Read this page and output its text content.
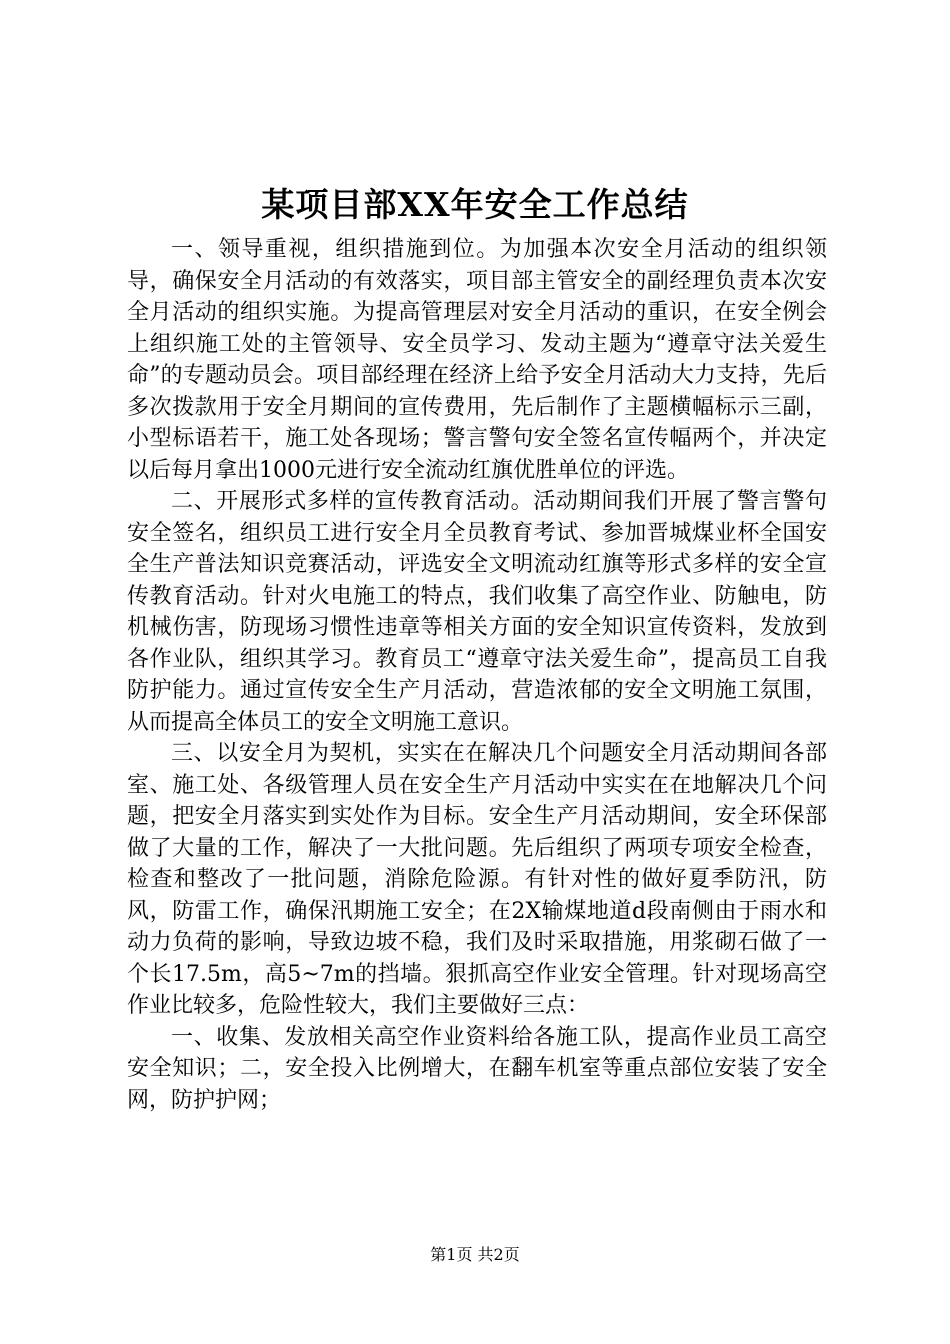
某项目部XX年安全工作总结

一、领导重视，组织措施到位。为加强本次安全月活动的组织领导，确保安全月活动的有效落实，项目部主管安全的副经理负责本次安全月活动的组织实施。为提高管理层对安全月活动的重识，在安全例会上组织施工处的主管领导、安全员学习、发动主题为“遵章守法关爱生命”的专题动员会。项目部经理在经济上给予安全月活动大力支持，先后多次拨款用于安全月期间的宣传费用，先后制作了主题横幅标示三副，小型标语若干，施工处各现场；警言警句安全签名宣传幅两个，并决定以后每月拿出1000元进行安全流动红旗优胜单位的评选。

二、开展形式多样的宣传教育活动。活动期间我们开展了警言警句安全签名，组织员工进行安全月全员教育考试、参加晋城煤业杯全国安全生产普法知识竞赛活动，评选安全文明流动红旗等形式多样的安全宣传教育活动。针对火电施工的特点，我们收集了高空作业、防触电，防机械伤害，防现场习惯性违章等相关方面的安全知识宣传资料，发放到各作业队，组织其学习。教育员工“遵章守法关爱生命”，提高员工自我防护能力。通过宣传安全生产月活动，营造浓郁的安全文明施工氛围，从而提高全体员工的安全文明施工意识。

三、以安全月为契机，实实在在解决几个问题安全月活动期间各部室、施工处、各级管理人员在安全生产月活动中实实在在地解决几个问题，把安全月落实到实处作为目标。安全生产月活动期间，安全环保部做了大量的工作，解决了一大批问题。先后组织了两项专项安全检查，检查和整改了一批问题，消除危险源。有针对性的做好夏季防汛，防风，防雷工作，确保汛期施工安全；在2X输煤地道d段南侧由于雨水和动力负荷的影响，导致边坡不稳，我们及时采取措施，用浆砌石做了一个长17.5m，高5~7m的挡墙。狠抓高空作业安全管理。针对现场高空作业比较多，危险性较大，我们主要做好三点：

一、收集、发放相关高空作业资料给各施工队，提高作业员工高空安全知识；二，安全投入比例增大，在翻车机室等重点部位安装了安全网，防护护网；

第1页 共2页
